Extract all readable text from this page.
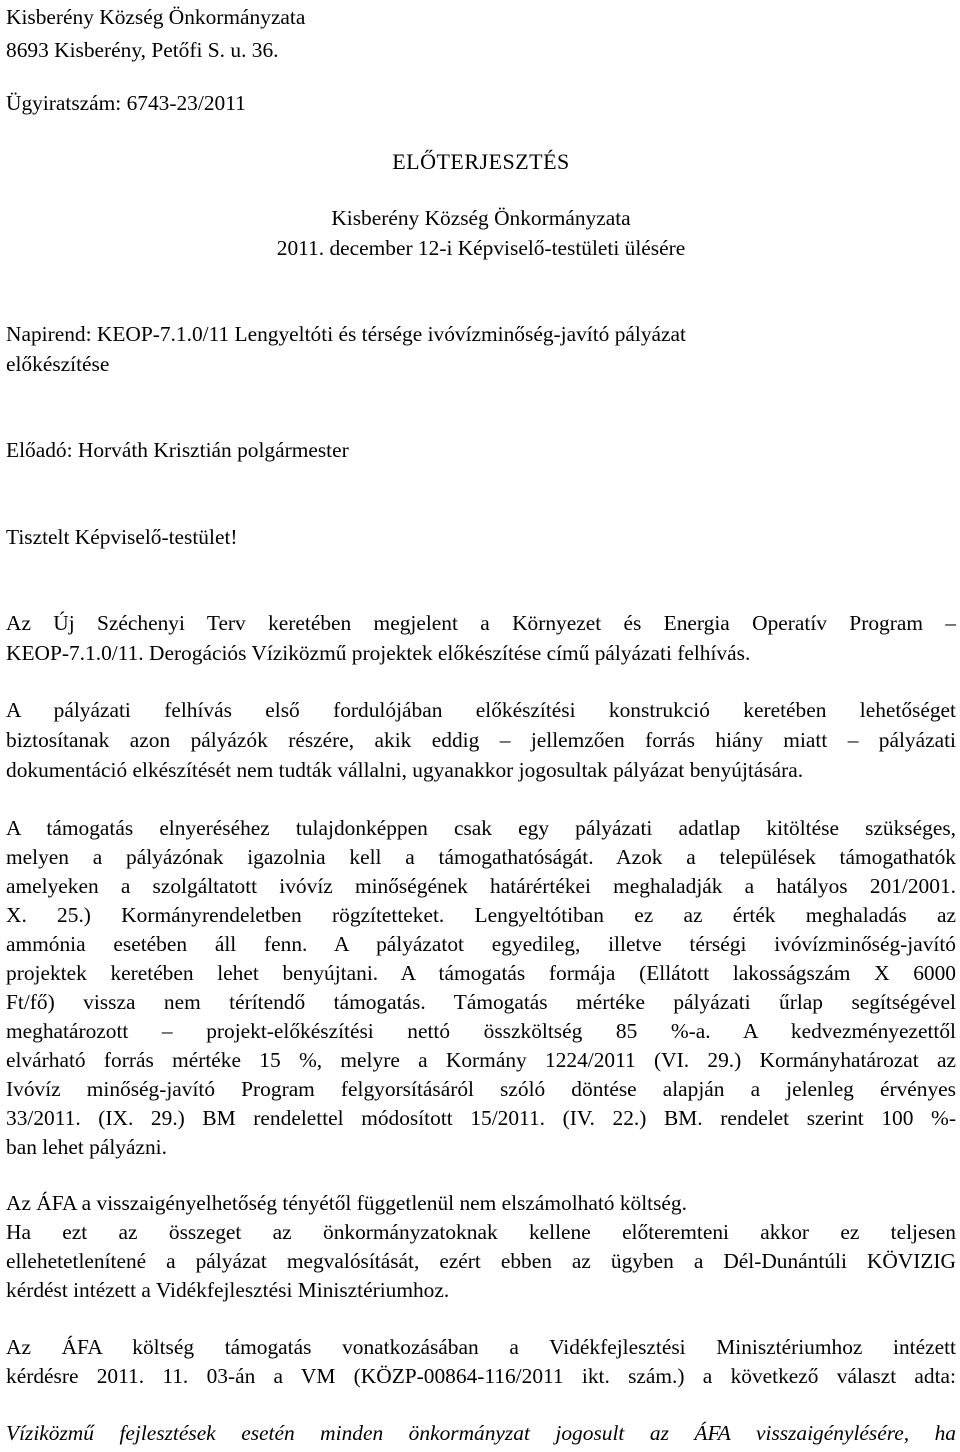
Kisberény Község Önkormányzata
8693 Kisberény, Petőfi S. u. 36.
Ügyiratszám: 6743-23/2011
ELŐTERJESZTÉS
Kisberény Község Önkormányzata
2011. december 12-i Képviselő-testületi ülésére
Napirend: KEOP-7.1.0/11 Lengyeltóti és térsége ivóvízminőség-javító pályázat
előkészítése
Előadó: Horváth Krisztián polgármester
Tisztelt Képviselő-testület!
Az Új Széchenyi Terv keretében megjelent a Környezet és Energia Operatív Program –
KEOP-7.1.0/11. Derogációs Víziközmű projektek előkészítése című pályázati felhívás.
A pályázati felhívás első fordulójában előkészítési konstrukció keretében lehetőséget
biztosítanak azon pályázók részére, akik eddig – jellemzően forrás hiány miatt – pályázati
dokumentáció elkészítését nem tudták vállalni, ugyanakkor jogosultak pályázat benyújtására.
A támogatás elnyeréséhez tulajdonképpen csak egy pályázati adatlap kitöltése szükséges,
melyen a pályázónak igazolnia kell a támogathatóságát. Azok a települések támogathatók
amelyeken a szolgáltatott ivóvíz minőségének határértékei meghaladják a hatályos 201/2001.
X. 25.) Kormányrendeletben rögzítetteket. Lengyeltótiban ez az érték meghaladás az
ammónia esetében áll fenn. A pályázatot egyedileg, illetve térségi ivóvízminőség-javító
projektek keretében lehet benyújtani. A támogatás formája (Ellátott lakosságszám X 6000
Ft/fő) vissza nem térítendő támogatás. Támogatás mértéke pályázati űrlap segítségével
meghatározott – projekt-előkészítési nettó összköltség 85 %-a. A kedvezményezettől
elvárható forrás mértéke 15 %, melyre a Kormány 1224/2011 (VI. 29.) Kormányhatározat az
Ivóvíz minőség-javító Program felgyorsításáról szóló döntése alapján a jelenleg érvényes
33/2011. (IX. 29.) BM rendelettel módosított 15/2011. (IV. 22.) BM. rendelet szerint 100 %-
ban lehet pályázni.
Az ÁFA a visszaigényelhetőség tényétől függetlenül nem elszámolható költség.
Ha ezt az összeget az önkormányzatoknak kellene előteremteni akkor ez teljesen
ellehetetlenítené a pályázat megvalósítását, ezért ebben az ügyben a Dél-Dunántúli KÖVIZIG
kérdést intézett a Vidékfejlesztési Minisztériumhoz.
Az ÁFA költség támogatás vonatkozásában a Vidékfejlesztési Minisztériumhoz intézett
kérdésre 2011. 11. 03-án a VM (KÖZP-00864-116/2011 ikt. szám.) a következő választ adta:
Víziközmű fejlesztések esetén minden önkormányzat jogosult az ÁFA visszaigénylésére, ha
